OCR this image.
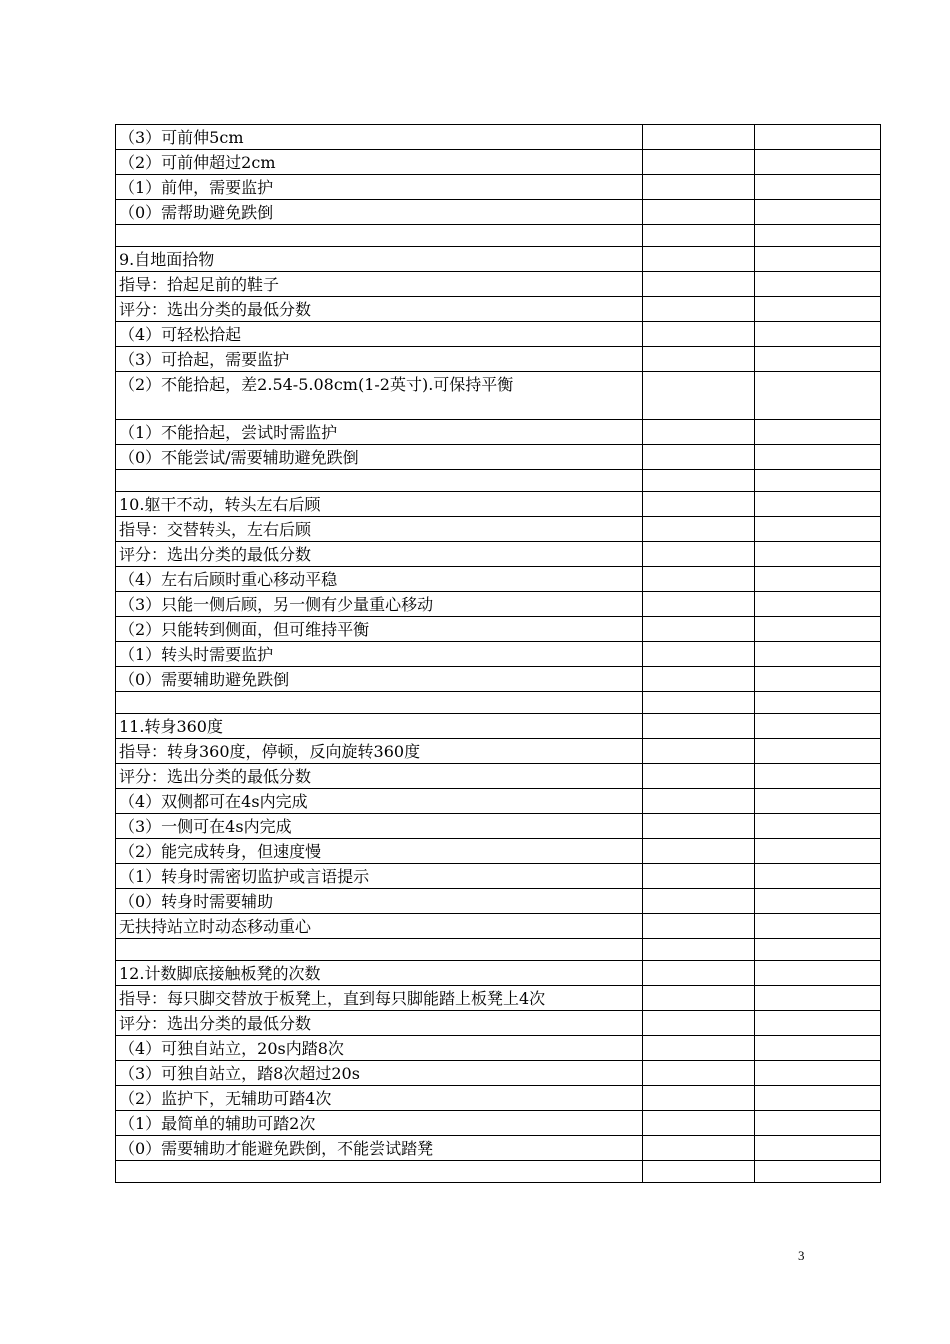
（3）可前伸5cm		
（2）可前伸超过2cm		
（1）前伸，需要监护		
（0）需帮助避免跌倒		

9.自地面拾物		
指导：拾起足前的鞋子		
评分：选出分类的最低分数		
（4）可轻松拾起		
（3）可拾起，需要监护		
（2）不能拾起，差2.54-5.08cm(1-2英寸).可保持平衡		
（1）不能拾起，尝试时需监护		
（0）不能尝试/需要辅助避免跌倒		

10.躯干不动，转头左右后顾		
指导：交替转头，左右后顾		
评分：选出分类的最低分数		
（4）左右后顾时重心移动平稳		
（3）只能一侧后顾，另一侧有少量重心移动		
（2）只能转到侧面，但可维持平衡		
（1）转头时需要监护		
（0）需要辅助避免跌倒		

11.转身360度		
指导：转身360度，停顿，反向旋转360度		
评分：选出分类的最低分数		
（4）双侧都可在4s内完成		
（3）一侧可在4s内完成		
（2）能完成转身，但速度慢		
（1）转身时需密切监护或言语提示		
（0）转身时需要辅助		
无扶持站立时动态移动重心		

12.计数脚底接触板凳的次数		
指导：每只脚交替放于板凳上，直到每只脚能踏上板凳上4次		
评分：选出分类的最低分数		
（4）可独自站立，20s内踏8次		
（3）可独自站立，踏8次超过20s		
（2）监护下，无辅助可踏4次		
（1）最简单的辅助可踏2次		
（0）需要辅助才能避免跌倒，不能尝试踏凳		

3
